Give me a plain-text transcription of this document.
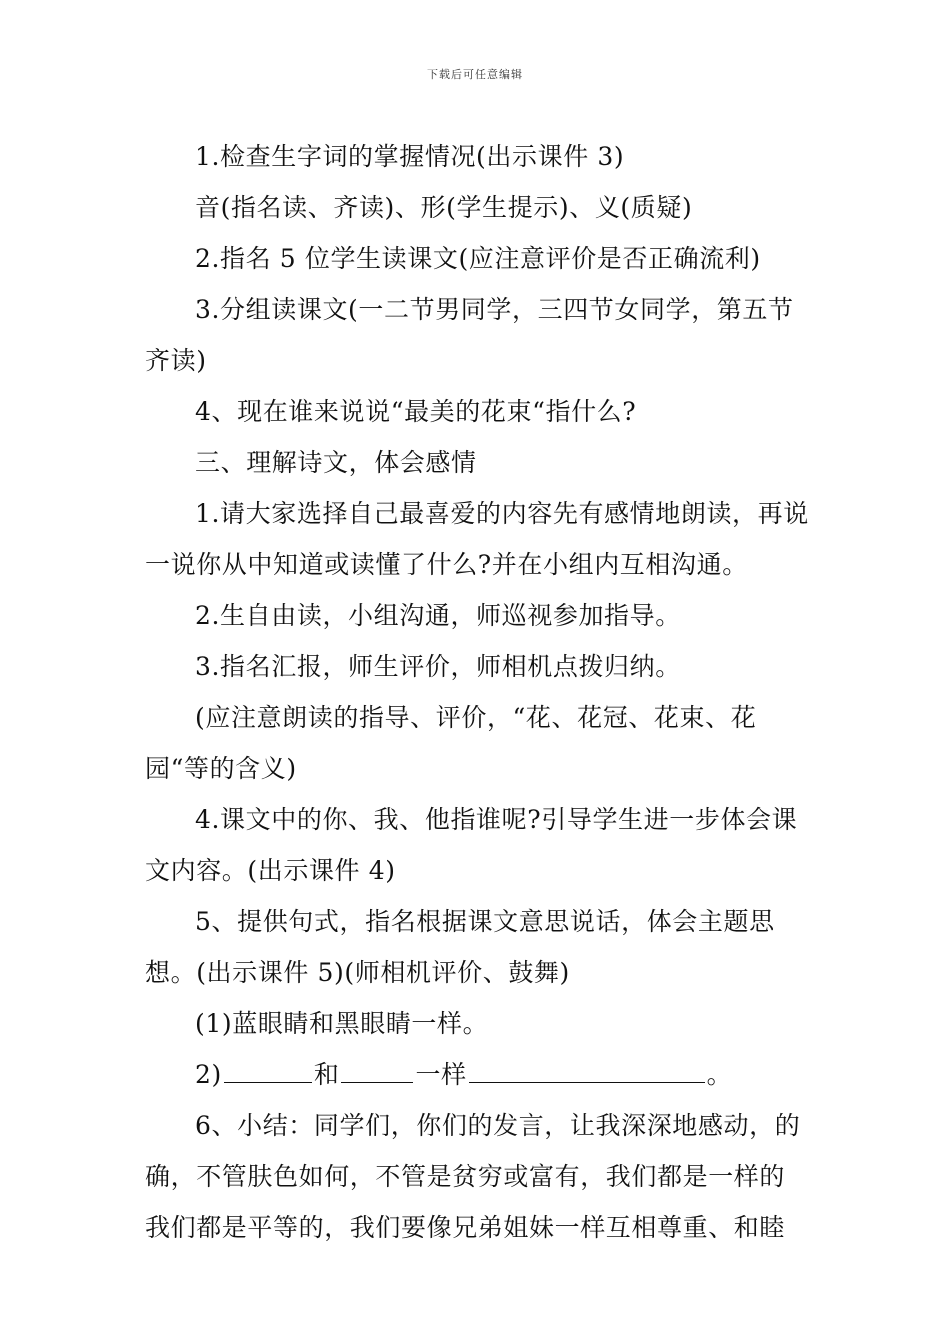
下载后可任意编辑

1.检查生字词的掌握情况(出示课件 3)

音(指名读、齐读)、形(学生提示)、义(质疑)

2.指名 5 位学生读课文(应注意评价是否正确流利)

3.分组读课文(一二节男同学，三四节女同学，第五节齐读)

4、现在谁来说说“最美的花束“指什么?

三、理解诗文，体会感情

1.请大家选择自己最喜爱的内容先有感情地朗读，再说一说你从中知道或读懂了什么?并在小组内互相沟通。

2.生自由读，小组沟通，师巡视参加指导。

3.指名汇报，师生评价，师相机点拨归纳。

(应注意朗读的指导、评价，“花、花冠、花束、花园“等的含义)

4.课文中的你、我、他指谁呢?引导学生进一步体会课文内容。(出示课件 4)

5、提供句式，指名根据课文意思说话，体会主题思想。(出示课件 5)(师相机评价、鼓舞)

(1)蓝眼睛和黑眼睛一样。

2)	和	一样	。

6、小结：同学们，你们的发言，让我深深地感动，的确，不管肤色如何，不管是贫穷或富有，我们都是一样的我们都是平等的，我们要像兄弟姐妹一样互相尊重、和睦
